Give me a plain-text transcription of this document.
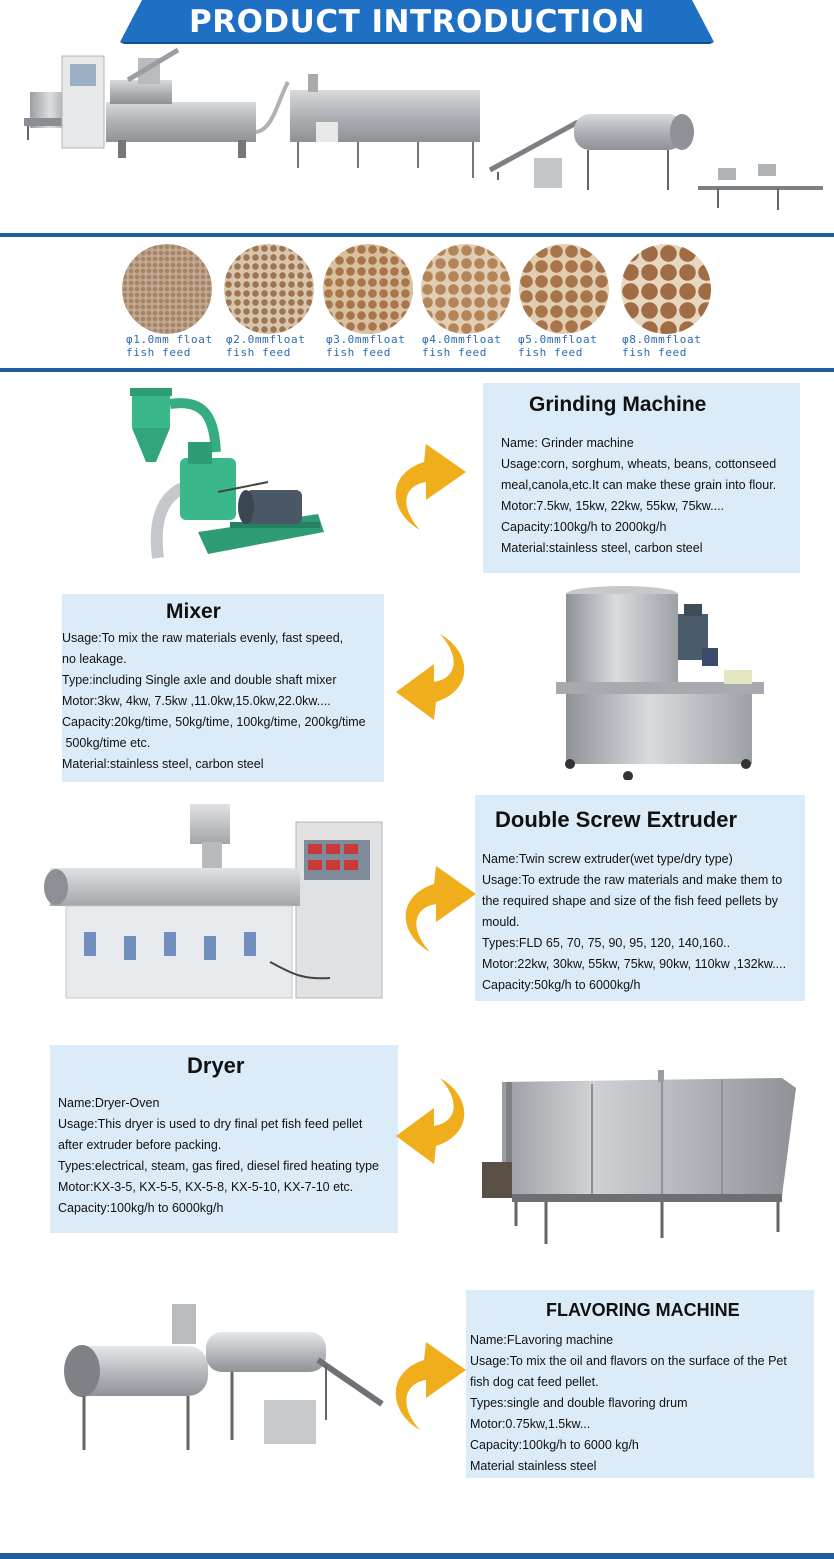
PRODUCT INTRODUCTION
φ1.0mm float
fish feed
φ2.0mmfloat
fish feed
φ3.0mmfloat
fish feed
φ4.0mmfloat
fish feed
φ5.0mmfloat
fish feed
φ8.0mmfloat
fish feed
Grinding Machine

Name: Grinder machine

Usage:corn, sorghum, wheats, beans, cottonseed

meal,canola,etc.It can make these grain into flour.

Motor:7.5kw, 15kw, 22kw, 55kw, 75kw....

Capacity:100kg/h to 2000kg/h

Material:stainless steel, carbon steel

Mixer

Usage:To mix the raw materials evenly, fast speed,

no leakage.

Type:including Single axle and double shaft mixer

Motor:3kw, 4kw, 7.5kw ,11.0kw,15.0kw,22.0kw....

Capacity:20kg/time, 50kg/time, 100kg/time, 200kg/time

500kg/time etc.

Material:stainless steel, carbon steel

Double Screw Extruder

Name:Twin screw extruder(wet type/dry type)

Usage:To extrude the raw materials and make them to

the required shape and size of the fish feed pellets by

mould.

Types:FLD 65, 70, 75, 90, 95, 120, 140,160..

Motor:22kw, 30kw, 55kw, 75kw, 90kw, 110kw ,132kw....

Capacity:50kg/h to 6000kg/h

Dryer

Name:Dryer-Oven

Usage:This dryer is used to dry final pet fish feed pellet

after extruder before packing.

Types:electrical, steam, gas fired, diesel fired heating type

Motor:KX-3-5, KX-5-5, KX-5-8, KX-5-10, KX-7-10 etc.

Capacity:100kg/h to 6000kg/h

FLAVORING MACHINE

Name:FLavoring machine

Usage:To mix the oil and flavors on the surface of the Pet

fish dog cat feed pellet.

Types:single and double flavoring drum

Motor:0.75kw,1.5kw...

Capacity:100kg/h to 6000 kg/h

Material stainless steel
